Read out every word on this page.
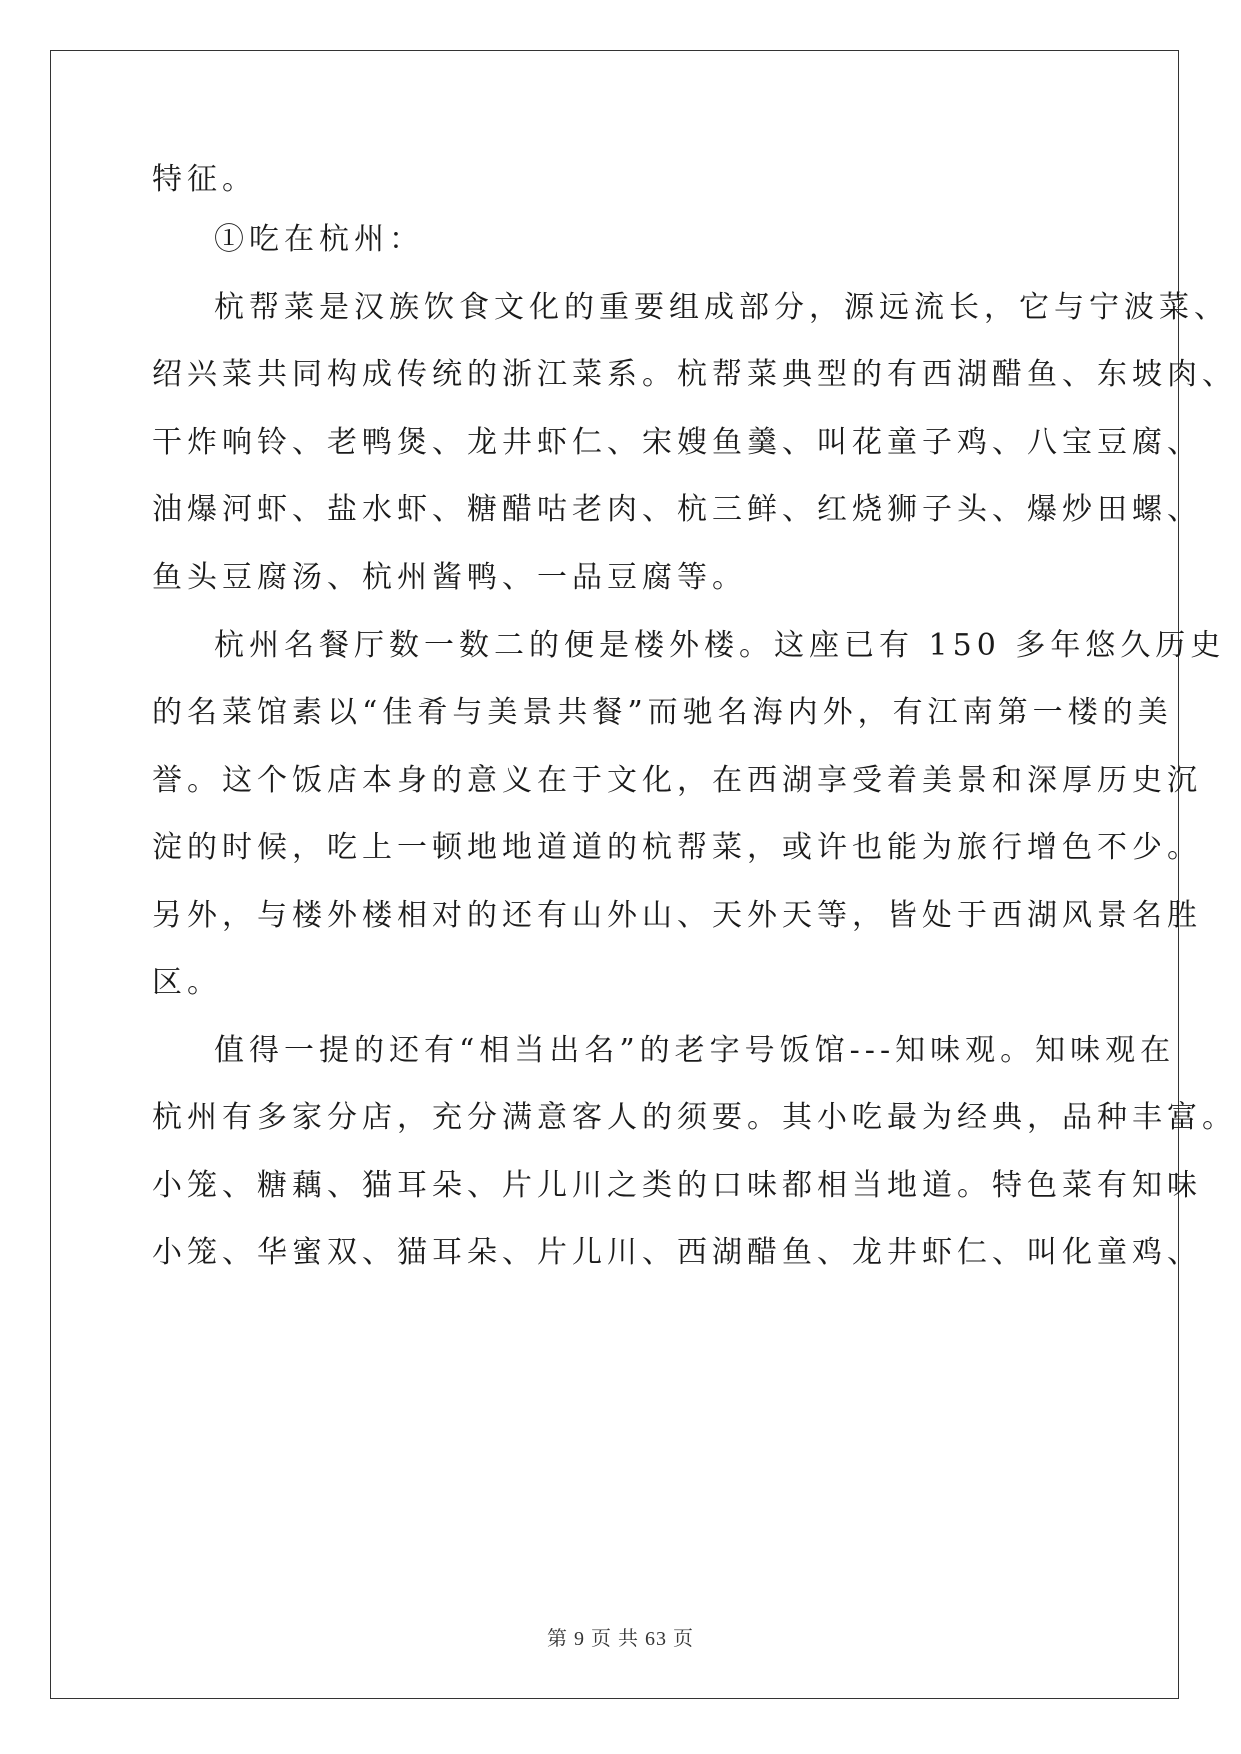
特征。
①吃在杭州：
杭帮菜是汉族饮食文化的重要组成部分，源远流长，它与宁波菜、
绍兴菜共同构成传统的浙江菜系。杭帮菜典型的有西湖醋鱼、东坡肉、
干炸响铃、老鸭煲、龙井虾仁、宋嫂鱼羹、叫花童子鸡、八宝豆腐、
油爆河虾、盐水虾、糖醋咕老肉、杭三鲜、红烧狮子头、爆炒田螺、
鱼头豆腐汤、杭州酱鸭、一品豆腐等。
杭州名餐厅数一数二的便是楼外楼。这座已有 150 多年悠久历史
的名菜馆素以“佳肴与美景共餐”而驰名海内外，有江南第一楼的美
誉。这个饭店本身的意义在于文化，在西湖享受着美景和深厚历史沉
淀的时候，吃上一顿地地道道的杭帮菜，或许也能为旅行增色不少。
另外，与楼外楼相对的还有山外山、天外天等，皆处于西湖风景名胜
区。
值得一提的还有“相当出名”的老字号饭馆---知味观。知味观在
杭州有多家分店，充分满意客人的须要。其小吃最为经典，品种丰富。
小笼、糖藕、猫耳朵、片儿川之类的口味都相当地道。特色菜有知味
小笼、华蜜双、猫耳朵、片儿川、西湖醋鱼、龙井虾仁、叫化童鸡、
第 9 页 共 63 页
